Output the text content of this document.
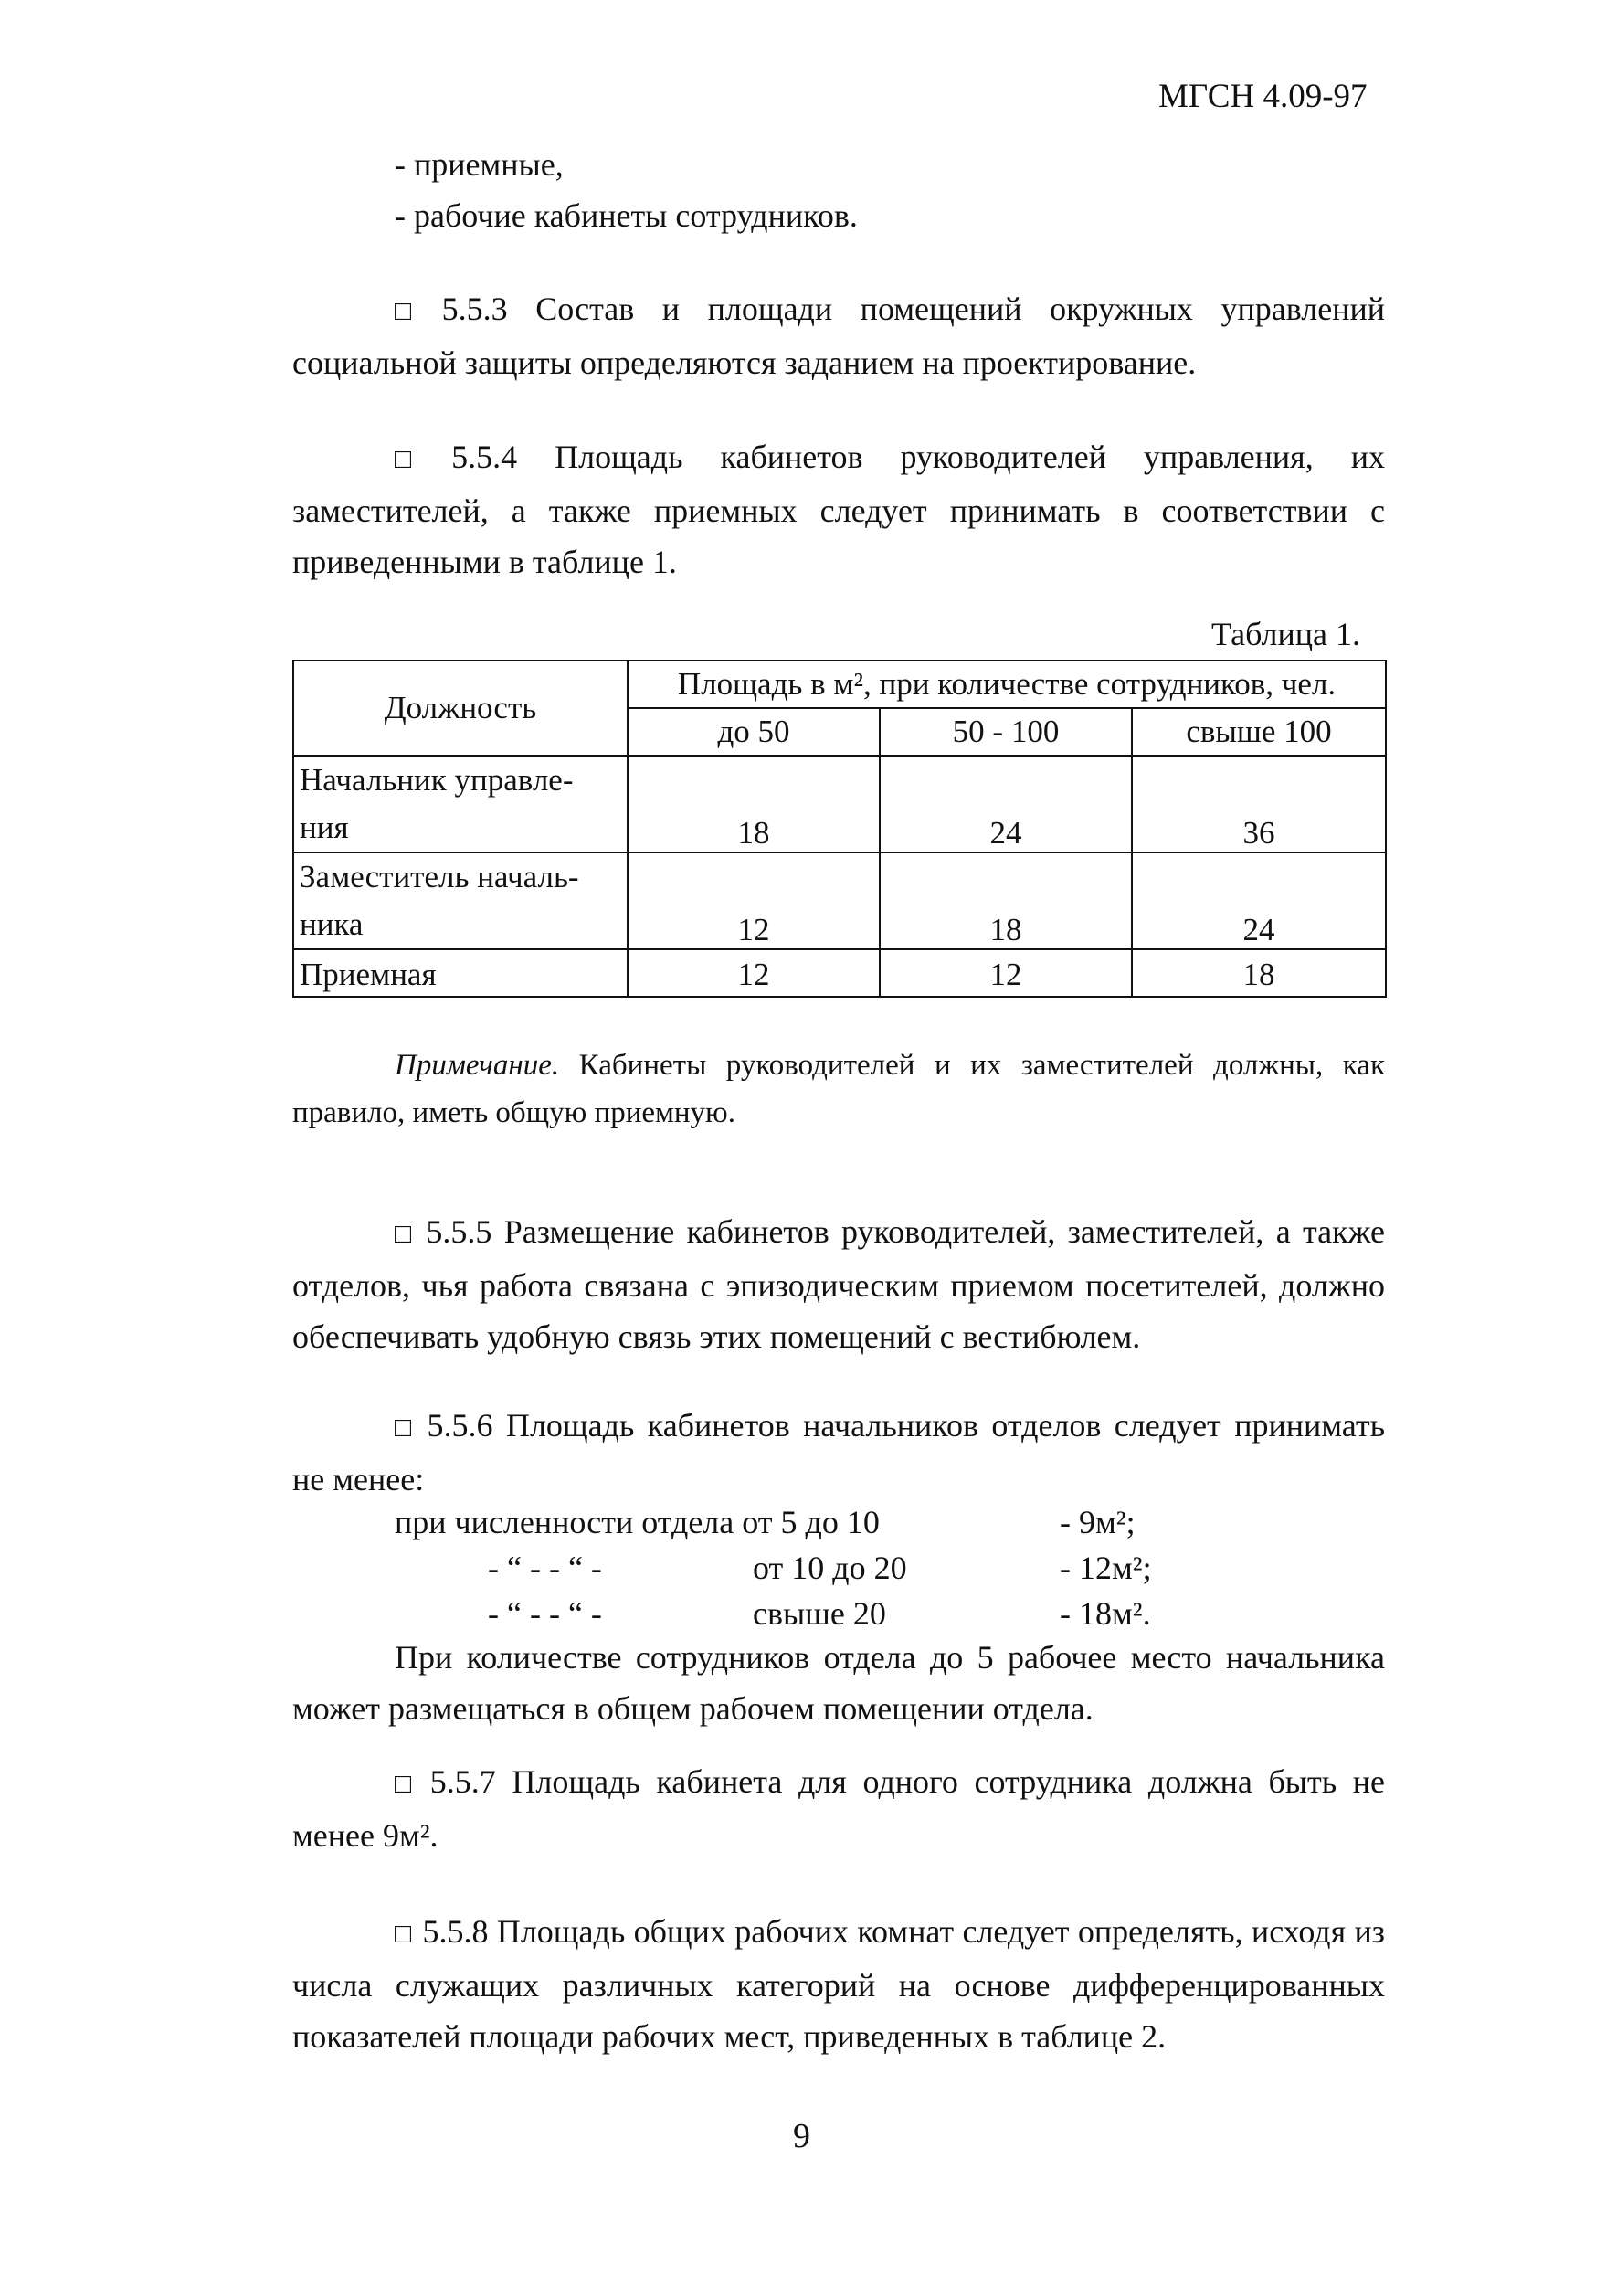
МГСН 4.09-97
- приемные,
- рабочие кабинеты сотрудников.
□ 5.5.3 Состав и площади помещений окружных управлений социальной защиты определяются заданием на проектирование.
□ 5.5.4 Площадь кабинетов руководителей управления, их заместителей, а также приемных следует принимать в соответствии с приведенными в таблице 1.
Таблица 1.
Должность	Площадь в м², при количестве сотрудников, чел.		
	до 50	50 - 100	свыше 100

Начальник управле-
ния	18	24	36

Заместитель началь-
ника	12	18	24
Приемная	12	12	18
Примечание. Кабинеты руководителей и их заместителей должны, как правило, иметь общую приемную.
□ 5.5.5 Размещение кабинетов руководителей, заместителей, а также отделов, чья работа связана с эпизодическим приемом посетителей, должно обеспечивать удобную связь этих помещений с вестибюлем.
□ 5.5.6 Площадь кабинетов начальников отделов следует принимать не менее:
при численности отдела от 5 до 10	- 9м²;
- “ - - “ -	от 10 до 20	- 12м²;
- “ - - “ -	свыше 20	- 18м².
При количестве сотрудников отдела до 5 рабочее место начальника может размещаться в общем рабочем помещении отдела.
□ 5.5.7 Площадь кабинета для одного сотрудника должна быть не менее 9м².
□ 5.5.8 Площадь общих рабочих комнат следует определять, исходя из числа служащих различных категорий на основе дифференцированных показателей площади рабочих мест, приведенных в таблице 2.
9
